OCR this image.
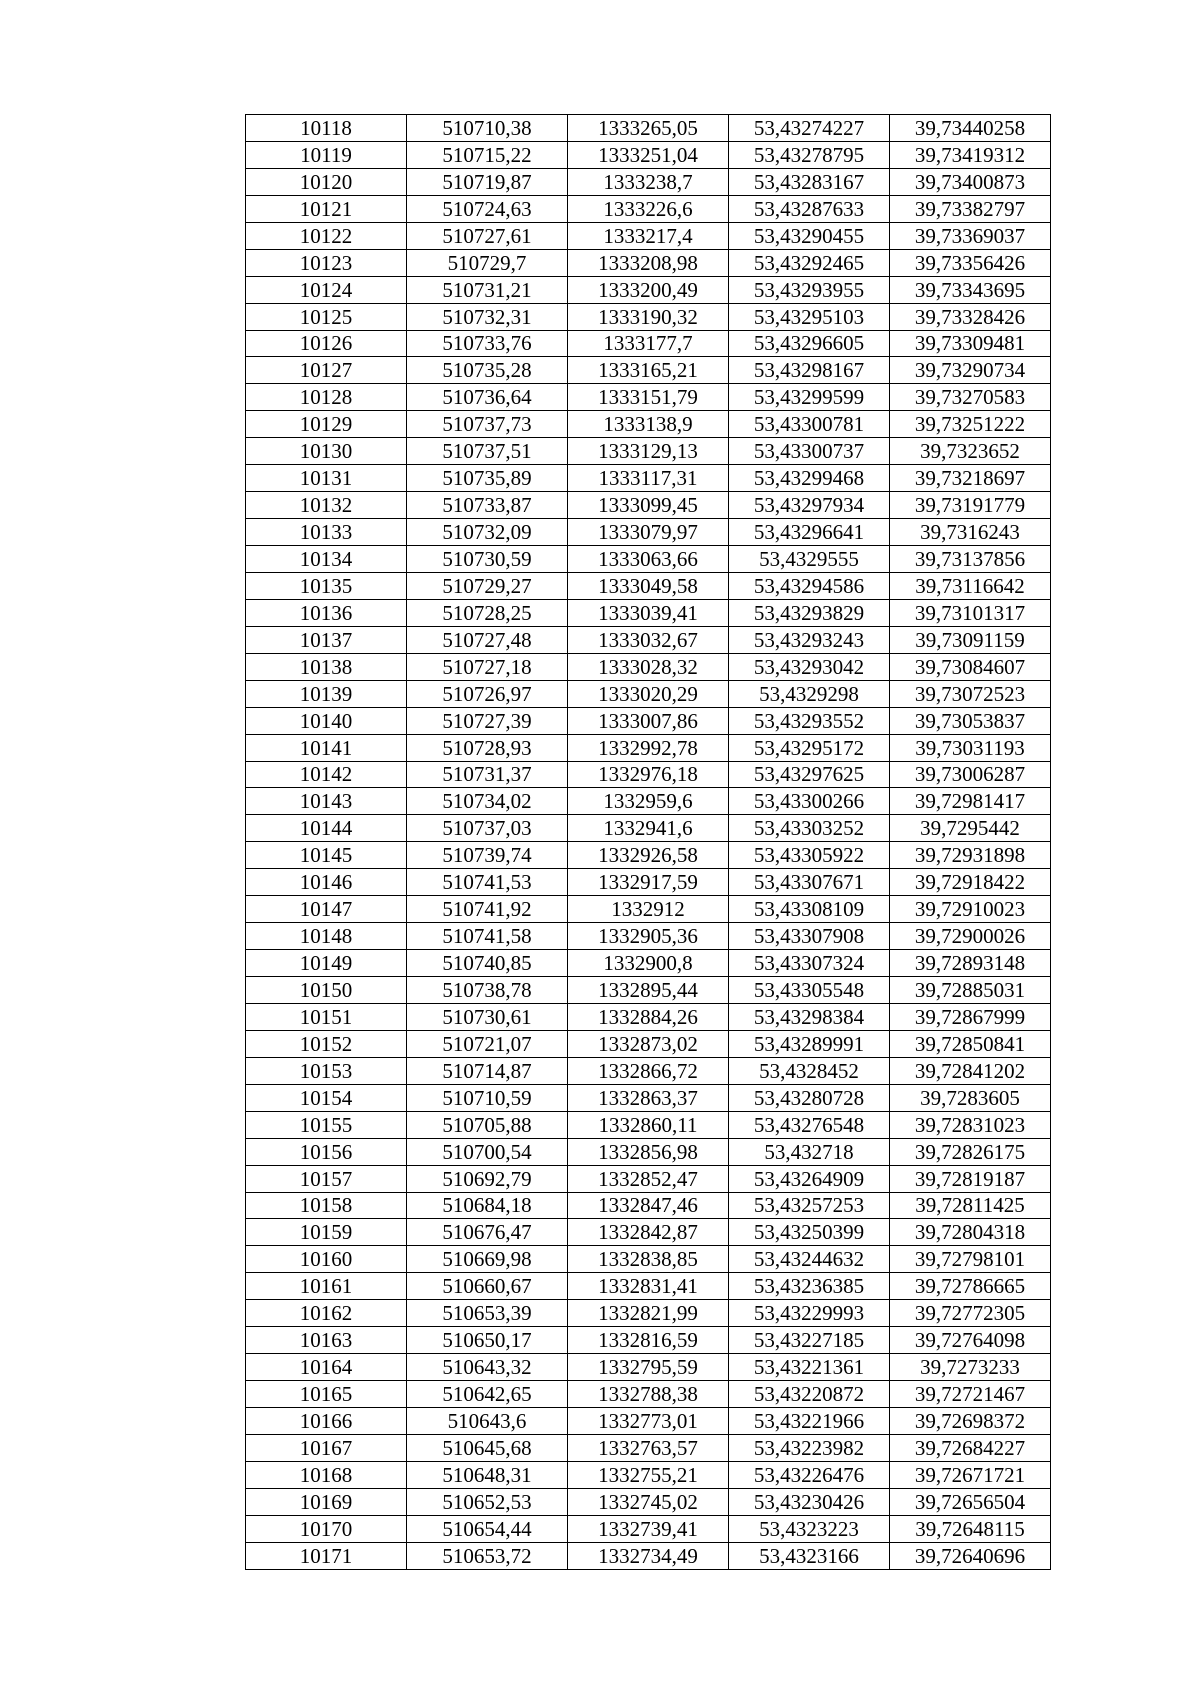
10118	510710,38	1333265,05	53,43274227	39,73440258
10119	510715,22	1333251,04	53,43278795	39,73419312
10120	510719,87	1333238,7	53,43283167	39,73400873
10121	510724,63	1333226,6	53,43287633	39,73382797
10122	510727,61	1333217,4	53,43290455	39,73369037
10123	510729,7	1333208,98	53,43292465	39,73356426
10124	510731,21	1333200,49	53,43293955	39,73343695
10125	510732,31	1333190,32	53,43295103	39,73328426
10126	510733,76	1333177,7	53,43296605	39,73309481
10127	510735,28	1333165,21	53,43298167	39,73290734
10128	510736,64	1333151,79	53,43299599	39,73270583
10129	510737,73	1333138,9	53,43300781	39,73251222
10130	510737,51	1333129,13	53,43300737	39,7323652
10131	510735,89	1333117,31	53,43299468	39,73218697
10132	510733,87	1333099,45	53,43297934	39,73191779
10133	510732,09	1333079,97	53,43296641	39,7316243
10134	510730,59	1333063,66	53,4329555	39,73137856
10135	510729,27	1333049,58	53,43294586	39,73116642
10136	510728,25	1333039,41	53,43293829	39,73101317
10137	510727,48	1333032,67	53,43293243	39,73091159
10138	510727,18	1333028,32	53,43293042	39,73084607
10139	510726,97	1333020,29	53,4329298	39,73072523
10140	510727,39	1333007,86	53,43293552	39,73053837
10141	510728,93	1332992,78	53,43295172	39,73031193
10142	510731,37	1332976,18	53,43297625	39,73006287
10143	510734,02	1332959,6	53,43300266	39,72981417
10144	510737,03	1332941,6	53,43303252	39,7295442
10145	510739,74	1332926,58	53,43305922	39,72931898
10146	510741,53	1332917,59	53,43307671	39,72918422
10147	510741,92	1332912	53,43308109	39,72910023
10148	510741,58	1332905,36	53,43307908	39,72900026
10149	510740,85	1332900,8	53,43307324	39,72893148
10150	510738,78	1332895,44	53,43305548	39,72885031
10151	510730,61	1332884,26	53,43298384	39,72867999
10152	510721,07	1332873,02	53,43289991	39,72850841
10153	510714,87	1332866,72	53,4328452	39,72841202
10154	510710,59	1332863,37	53,43280728	39,7283605
10155	510705,88	1332860,11	53,43276548	39,72831023
10156	510700,54	1332856,98	53,432718	39,72826175
10157	510692,79	1332852,47	53,43264909	39,72819187
10158	510684,18	1332847,46	53,43257253	39,72811425
10159	510676,47	1332842,87	53,43250399	39,72804318
10160	510669,98	1332838,85	53,43244632	39,72798101
10161	510660,67	1332831,41	53,43236385	39,72786665
10162	510653,39	1332821,99	53,43229993	39,72772305
10163	510650,17	1332816,59	53,43227185	39,72764098
10164	510643,32	1332795,59	53,43221361	39,7273233
10165	510642,65	1332788,38	53,43220872	39,72721467
10166	510643,6	1332773,01	53,43221966	39,72698372
10167	510645,68	1332763,57	53,43223982	39,72684227
10168	510648,31	1332755,21	53,43226476	39,72671721
10169	510652,53	1332745,02	53,43230426	39,72656504
10170	510654,44	1332739,41	53,4323223	39,72648115
10171	510653,72	1332734,49	53,4323166	39,72640696
